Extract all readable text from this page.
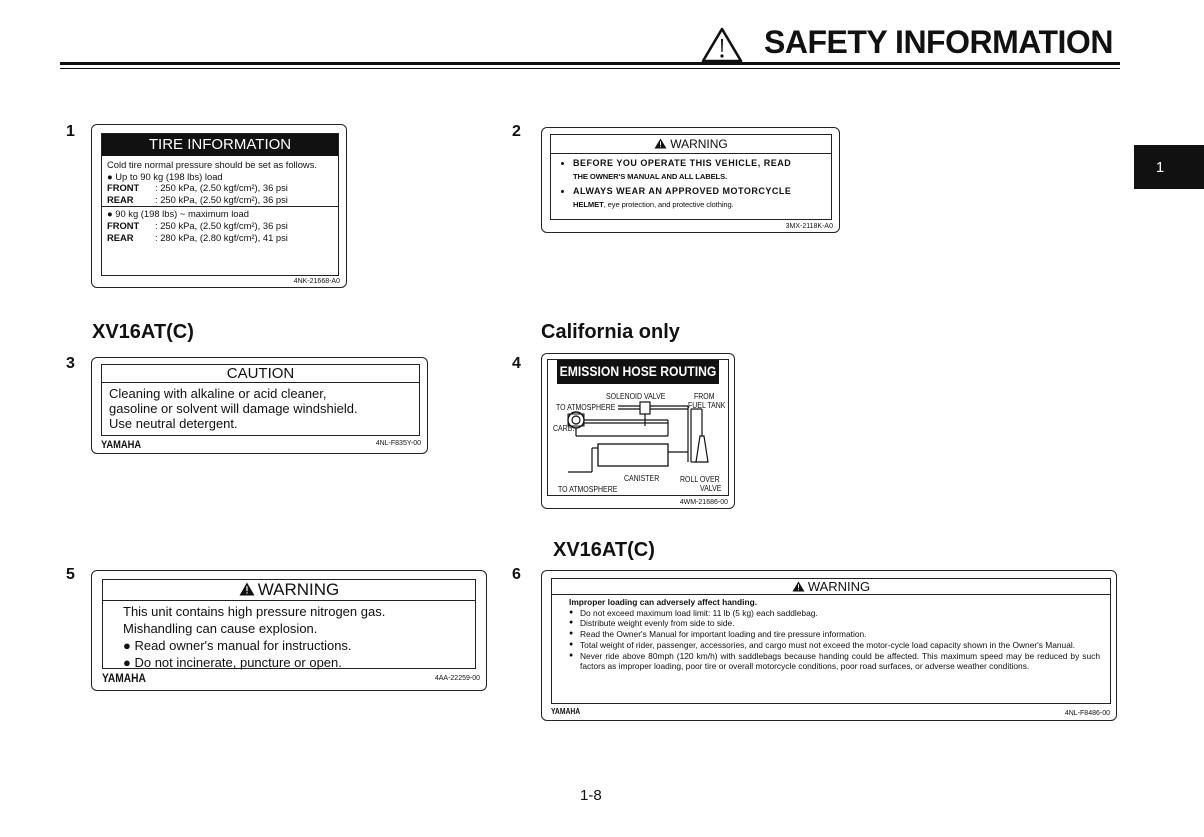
SAFETY INFORMATION
1
1	2
XV16AT(C)	California only
3	4
XV16AT(C)
5	6
TIRE INFORMATION
Cold tire normal pressure should be set as follows.
● Up to 90 kg (198 lbs) load
FRONT	: 250 kPa, (2.50 kgf/cm²), 36 psi
REAR	: 250 kPa, (2.50 kgf/cm²), 36 psi
● 90 kg (198 lbs) ~ maximum load
FRONT	: 250 kPa, (2.50 kgf/cm²), 36 psi
REAR	: 280 kPa, (2.80 kgf/cm²), 41 psi
4NK-21668-A0
WARNING
• BEFORE YOU OPERATE THIS VEHICLE, READ
THE OWNER'S MANUAL AND ALL LABELS.
• ALWAYS WEAR AN APPROVED MOTORCYCLE
HELMET, eye protection, and protective clothing.
3MX-2118K-A0
CAUTION
Cleaning with alkaline or acid cleaner,
gasoline or solvent will damage windshield.
Use neutral detergent.
YAMAHA	4NL-F835Y-00
EMISSION HOSE ROUTING
SOLENOID VALVE	FROM
FUEL TANK
TO ATMOSPHERE
CARB.
CANISTER ROLL OVER
VALVE
TO ATMOSPHERE
4WM-21686-00
WARNING
This unit contains high pressure nitrogen gas.
Mishandling can cause explosion.
● Read owner's manual for instructions.
● Do not incinerate, puncture or open.
YAMAHA	4AA-22259-00
WARNING
Improper loading can adversely affect handing.
● Do not exceed maximum load limit: 11 lb (5 kg) each saddlebag.
● Distribute weight evenly from side to side.
● Read the Owner's Manual for important loading and tire pressure information.
● Total weight of rider, passenger, accessories, and cargo must not exceed the motor-cycle load capacity shown in the Owner's Manual.
● Never ride above 80mph (120 km/h) with saddlebags because handing could be affected. This maximum speed may be reduced by such factors as improper loading, poor tire or overall motorcycle conditions, poor road surfaces, or adverse weather conditions.
YAMAHA	4NL-F8486-00
1-8
